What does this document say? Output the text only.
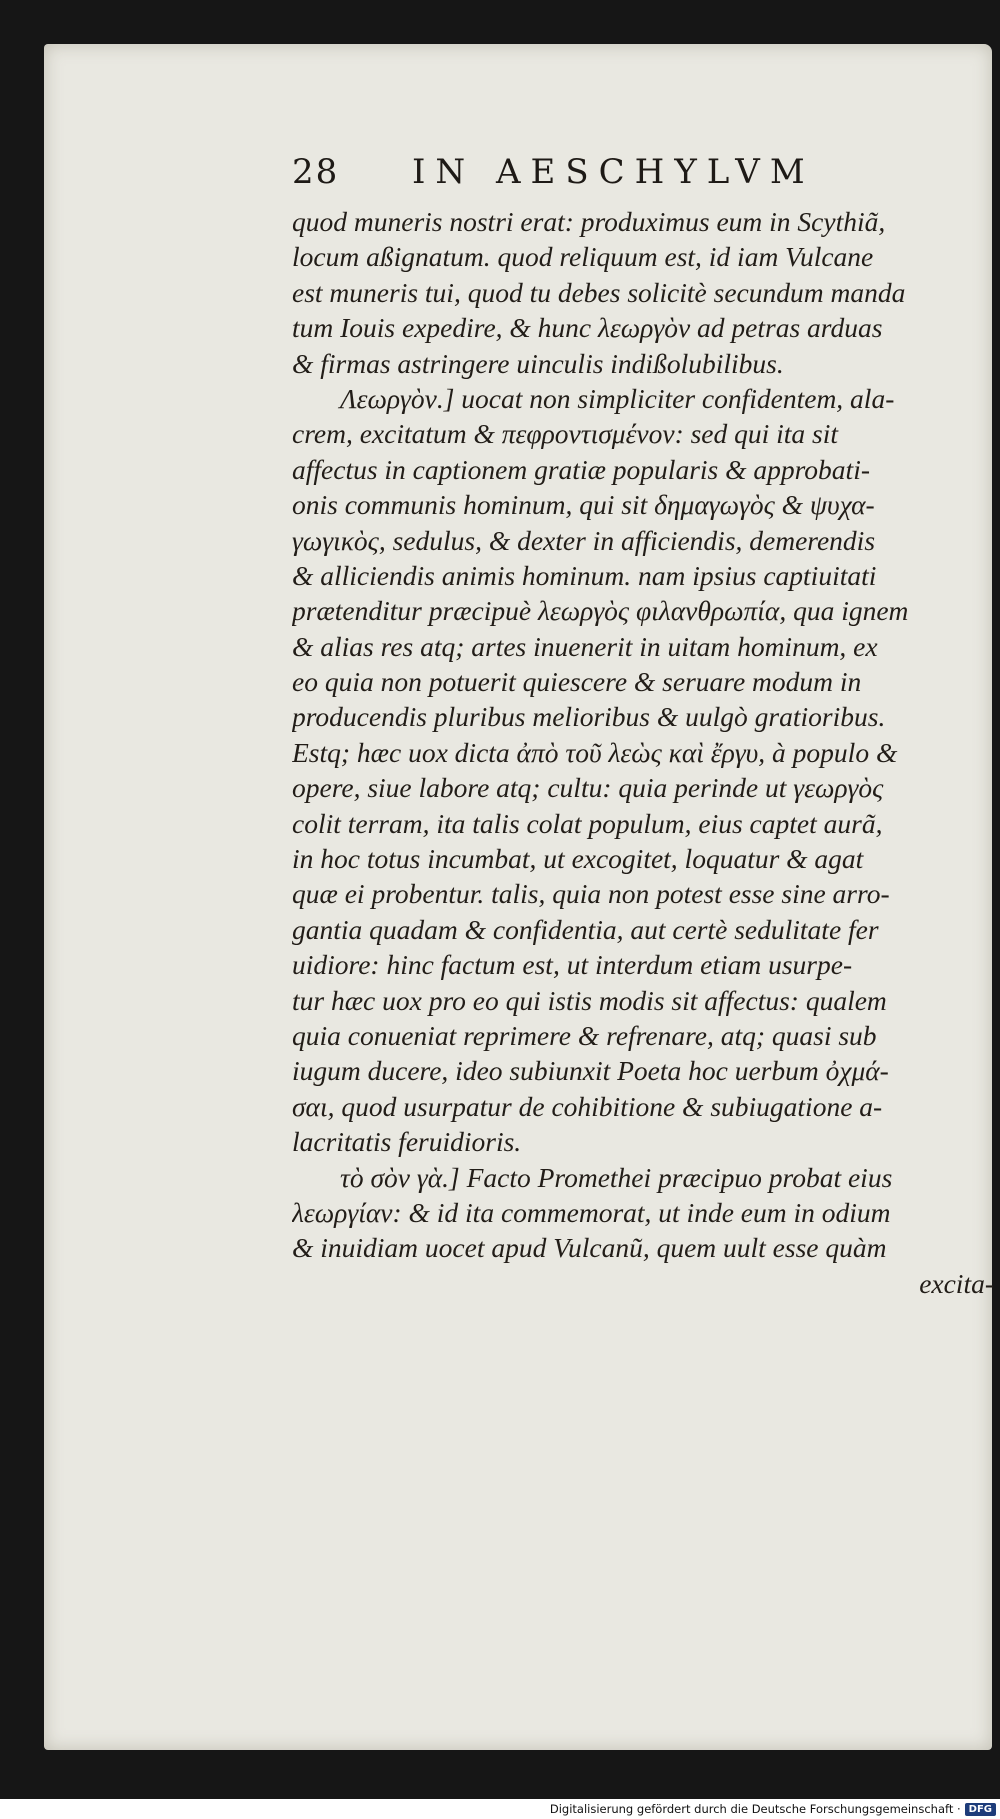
28	IN AESCHYLVM
quod muneris nostri erat: produximus eum in Scythiã,
locum aßignatum. quod reliquum est, id iam Vulcane
est muneris tui, quod tu debes solicitè secundum manda
tum Iouis expedire, & hunc λεωργὸν ad petras arduas
& firmas astringere uinculis indißolubilibus.
Λεωργὸν.] uocat non simpliciter confidentem, ala-
crem, excitatum & πεφροντισμένον: sed qui ita sit
affectus in captionem gratiæ popularis & approbati-
onis communis hominum, qui sit δημαγωγὸς & ψυχα-
γωγικὸς, sedulus, & dexter in afficiendis, demerendis
& alliciendis animis hominum. nam ipsius captiuitati
prætenditur præcipuè λεωργὸς φιλανθρωπία, qua ignem
& alias res atq; artes inuenerit in uitam hominum, ex
eo quia non potuerit quiescere & seruare modum in
producendis pluribus melioribus & uulgò gratioribus.
Estq; hæc uox dicta ἀπὸ τοῦ λεὼς καὶ ἔργυ, à populo &
opere, siue labore atq; cultu: quia perinde ut γεωργὸς
colit terram, ita talis colat populum, eius captet aurã,
in hoc totus incumbat, ut excogitet, loquatur & agat
quæ ei probentur. talis, quia non potest esse sine arro-
gantia quadam & confidentia, aut certè sedulitate fer
uidiore: hinc factum est, ut interdum etiam usurpe-
tur hæc uox pro eo qui istis modis sit affectus: qualem
quia conueniat reprimere & refrenare, atq; quasi sub
iugum ducere, ideo subiunxit Poeta hoc uerbum ὀχμά-
σαι, quod usurpatur de cohibitione & subiugatione a-
lacritatis feruidioris.
τὸ σὸν γὰ.] Facto Promethei præcipuo probat eius
λεωργίαν: & id ita commemorat, ut inde eum in odium
& inuidiam uocet apud Vulcanũ, quem uult esse quàm
excita-
Digitalisierung gefördert durch die Deutsche Forschungsgemeinschaft · DFG
